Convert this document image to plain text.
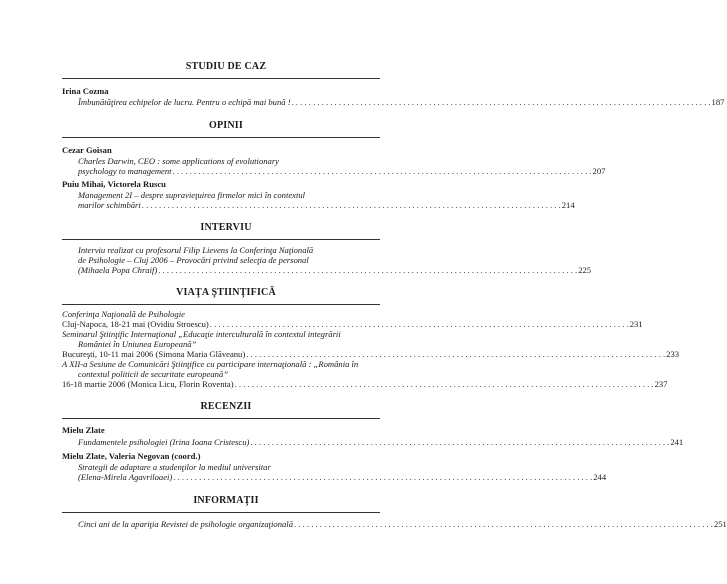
STUDIU DE CAZ
Irina Cozma
Îmbunătăţirea echipelor de lucru. Pentru o echipă mai bună ! . . .	187
OPINII
Cezar Goisan
Charles Darwin, CEO : some applications of evolutionary
psychology to management . . .	207
Puiu Mihai, Victorela Ruscu
Management 2I – despre supravieţuirea firmelor mici în contextul
marilor schimbări . . .	214
INTERVIU
Interviu realizat cu profesorul Filip Lievens la Conferinţa Naţională
de Psihologie – Cluj 2006 – Provocări privind selecţia de personal
(Mihaela Popa Chraif) . . .	225
VIAŢA ŞTIINŢIFICĂ
Conferinţa Naţională de Psihologie
Cluj-Napoca, 18-21 mai (Ovidiu Stroescu) . . .	231
Seminarul Ştiinţific Internaţional „Educaţie interculturală în contextul integrării
României în Uniunea Europeană”
Bucureşti, 10-11 mai 2006 (Simona Maria Glăveanu) . . .	233
A XII-a Sesiune de Comunicări Ştiinţifice cu participare internaţională : „România în
contextul politicii de securitate europeană”
16-18 martie 2006 (Monica Licu, Florin Roventa) . . .	237
RECENZII
Mielu Zlate
Fundamentele psihologiei (Irina Ioana Cristescu) . . .	241
Mielu Zlate, Valeria Negovan (coord.)
Strategii de adaptare a studenţilor la mediul universitar
(Elena-Mirela Agavriloaei) . . .	244
INFORMAŢII
Cinci ani de la apariţia Revistei de psihologie organizaţională . . .	251
